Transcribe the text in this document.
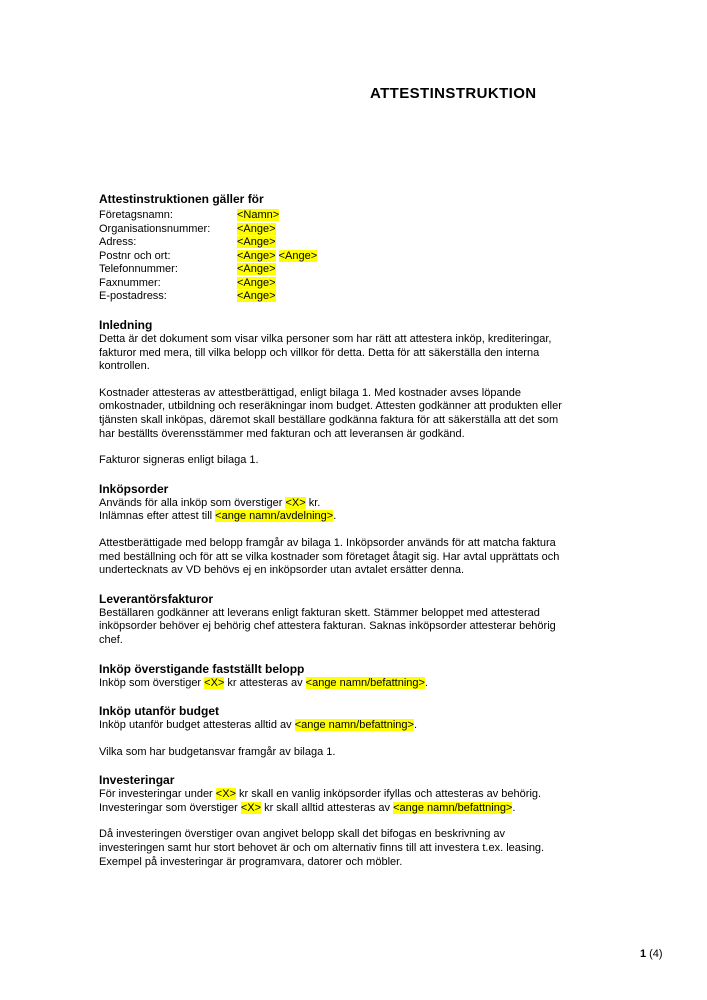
ATTESTINSTRUKTION
Attestinstruktionen gäller för
Företagsnamn:	<Namn>
Organisationsnummer:	<Ange>
Adress:	<Ange>
Postnr och ort:	<Ange> <Ange>
Telefonnummer:	<Ange>
Faxnummer:	<Ange>
E-postadress:	<Ange>
Inledning

Detta är det dokument som visar vilka personer som har rätt att attestera inköp, krediteringar,
fakturor med mera, till vilka belopp och villkor för detta. Detta för att säkerställa den interna
kontrollen.

Kostnader attesteras av attestberättigad, enligt bilaga 1. Med kostnader avses löpande
omkostnader, utbildning och reseräkningar inom budget. Attesten godkänner att produkten eller
tjänsten skall inköpas, däremot skall beställare godkänna faktura för att säkerställa att det som
har beställts överensstämmer med fakturan och att leveransen är godkänd.

Fakturor signeras enligt bilaga 1.

Inköpsorder

Används för alla inköp som överstiger <X> kr.
Inlämnas efter attest till <ange namn/avdelning>.

Attestberättigade med belopp framgår av bilaga 1. Inköpsorder används för att matcha faktura
med beställning och för att se vilka kostnader som företaget åtagit sig. Har avtal upprättats och
undertecknats av VD behövs ej en inköpsorder utan avtalet ersätter denna.

Leverantörsfakturor

Beställaren godkänner att leverans enligt fakturan skett. Stämmer beloppet med attesterad
inköpsorder behöver ej behörig chef attestera fakturan. Saknas inköpsorder attesterar behörig
chef.

Inköp överstigande fastställt belopp

Inköp som överstiger <X> kr attesteras av <ange namn/befattning>.

Inköp utanför budget

Inköp utanför budget attesteras alltid av <ange namn/befattning>.

Vilka som har budgetansvar framgår av bilaga 1.

Investeringar

För investeringar under <X> kr skall en vanlig inköpsorder ifyllas och attesteras av behörig.
Investeringar som överstiger <X> kr skall alltid attesteras av <ange namn/befattning>.

Då investeringen överstiger ovan angivet belopp skall det bifogas en beskrivning av
investeringen samt hur stort behovet är och om alternativ finns till att investera t.ex. leasing.
Exempel på investeringar är programvara, datorer och möbler.

1 (4)
